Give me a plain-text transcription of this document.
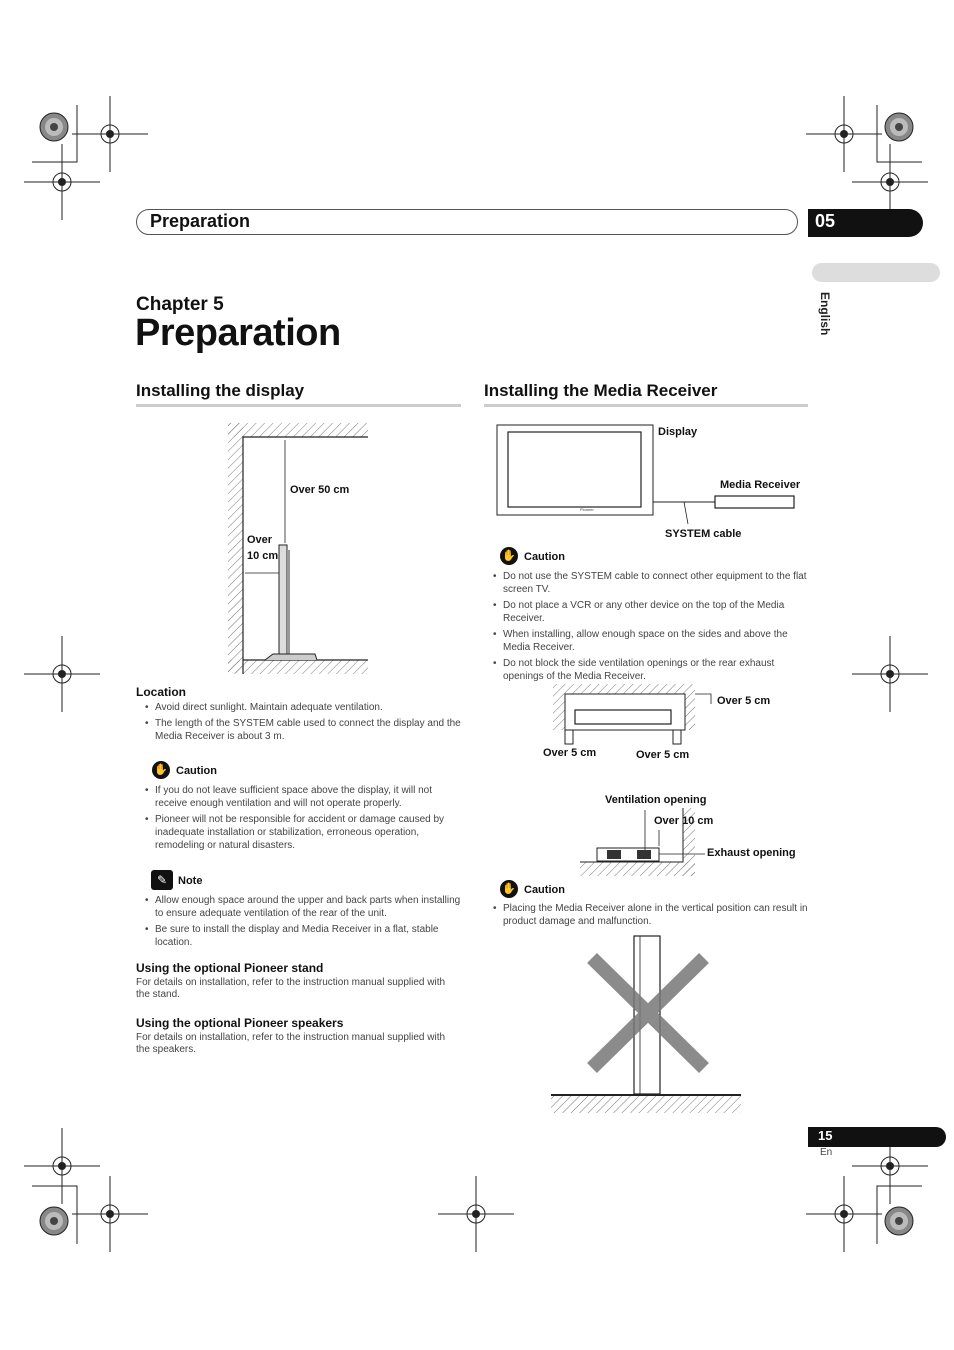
Preparation	05
English
Chapter 5
Preparation
Installing the display
Over 50 cm
Over
10 cm
Location
• Avoid direct sunlight. Maintain adequate ventilation.
• The length of the SYSTEM cable used to connect the display and the Media Receiver is about 3 m.
✋ Caution
• If you do not leave sufficient space above the display, it will not receive enough ventilation and will not operate properly.
• Pioneer will not be responsible for accident or damage caused by inadequate installation or stabilization, erroneous operation, remodeling or natural disasters.
✎ Note
• Allow enough space around the upper and back parts when installing to ensure adequate ventilation of the rear of the unit.
• Be sure to install the display and Media Receiver in a flat, stable location.
Using the optional Pioneer stand
For details on installation, refer to the instruction manual supplied with the stand.
Using the optional Pioneer speakers
For details on installation, refer to the instruction manual supplied with the speakers.
Installing the Media Receiver
Pioneer
Display
Media Receiver
SYSTEM cable
✋ Caution
• Do not use the SYSTEM cable to connect other equipment to the flat screen TV.
• Do not place a VCR or any other device on the top of the Media Receiver.
• When installing, allow enough space on the sides and above the Media Receiver.
• Do not block the side ventilation openings or the rear exhaust openings of the Media Receiver.
Over 5 cm
Over 5 cm	Over 5 cm
Ventilation opening
Over 10 cm
Exhaust opening
✋ Caution
• Placing the Media Receiver alone in the vertical position can result in product damage and malfunction.
15
En
